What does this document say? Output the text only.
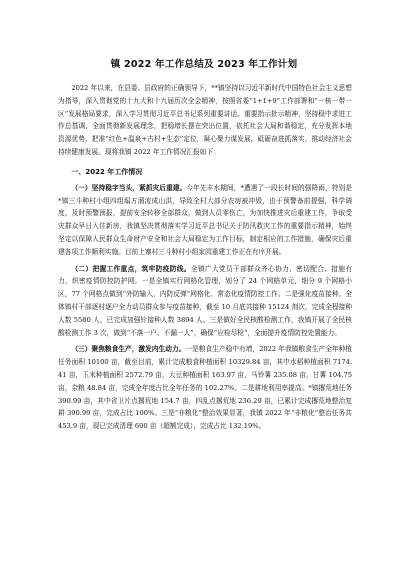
镇 2022 年工作总结及 2023 年工作计划

2022 年以来，在县委、县政府的正确领导下，**镇坚持以习近平新时代中国特色社会主义思想为指导，深入贯彻党的十九大和十九届历次全会精神，按照省委“1+1+9”工作部署和“一核一带一区”发展格局要求，深入学习贯彻习近平总书记系列重要讲话、重要指示批示精神，坚持稳中求进工作总基调，全面贯彻新发展理念，把稳增长摆在突出位置，依托社会大局和谐稳定，充分发挥本地资源优势，把准“红色+温泉+古村+生态”定位，凝心聚力谋发展，砥砺奋进抓落实，推动经济社会持续健康发展。现将我镇 2022 年工作情况汇报如下：

一、2022 年工作情况

（一）坚持稳字当头，紧抓灾后重建。今年先丰水期间，*遭遇了一段长时间的强降雨，特别是*镇三斗种村小组四组塌方溜流成山洪，导致全村大部分农房被冲毁，由于预警备前提强，科学调度，及时预警预报，提前安全转移全部群众，做到人员零伤亡，为加快推进灾后重建工作，争取受灾群众早日入住新房，我镇坚决贯彻落实学习近平总书记关于防汛救灾工作的重要指示精神，始终坚定以保障人民群众生命财产安全和社会大局稳定为工作目标，制定相应的工作措施，确保灾后重建各项工作顺利实施。目前上寨村三斗种村小组家园重建工作正在有序开展。

（二）把握工作重点，筑牢防疫防线。全镇广大党员干部群众齐心协力、密切配合、措施有力，织密疫情防控防护网。一是全镇实行网格化管理，划分了 24 个网格单元，细分 9 个网格小区，77 个网格点做到“外防输入，内防反弹”网格化、常态化疫情防控工作。二是强化疫苗接种。全体镇村干部逐村逐户全力动员群众参与疫苗接种，截至 10 月底共接种 15124 剂次，完成全程接种人数 5580 人，已完成加强针接种人数 3894 人。三是做好全民核酸检测工作，我镇开展了全民核酸检测工作 3 次，做到“不落一户、不漏一人”，确保“应检尽检”，全面提升疫情防控处置能力。

（三）聚焦粮食生产，激发内生动力。一是粮食生产稳中有增，2022 年我镇粮食生产全年种植任务面积 10100 亩，截至目前，累计完成粮食种植面积 10329.84 亩，其中水稻种植面积 7174.41 亩，玉米种植面积 2572.79 亩，大豆种植面积 163.97 亩，马铃薯 235.08 亩，甘薯 104.75 亩，杂粮 48.84 亩，完成全年度占比全年任务的 102.27%。二是耕地利用率提高。*镇撂荒地任务 390.99 亩，其中省卫片点撂荒地 154.7 亩，四乱点撂荒地 236.29 亩，已累计完成撂荒地整治复耕 390.99 亩，完成占比 100%。三是“非粮化”整治效果显著，我镇 2022 年“非粮化”整治任务共 453.9 亩，现已完成清理 600 亩（超额完成），完成占比 132.19%。
